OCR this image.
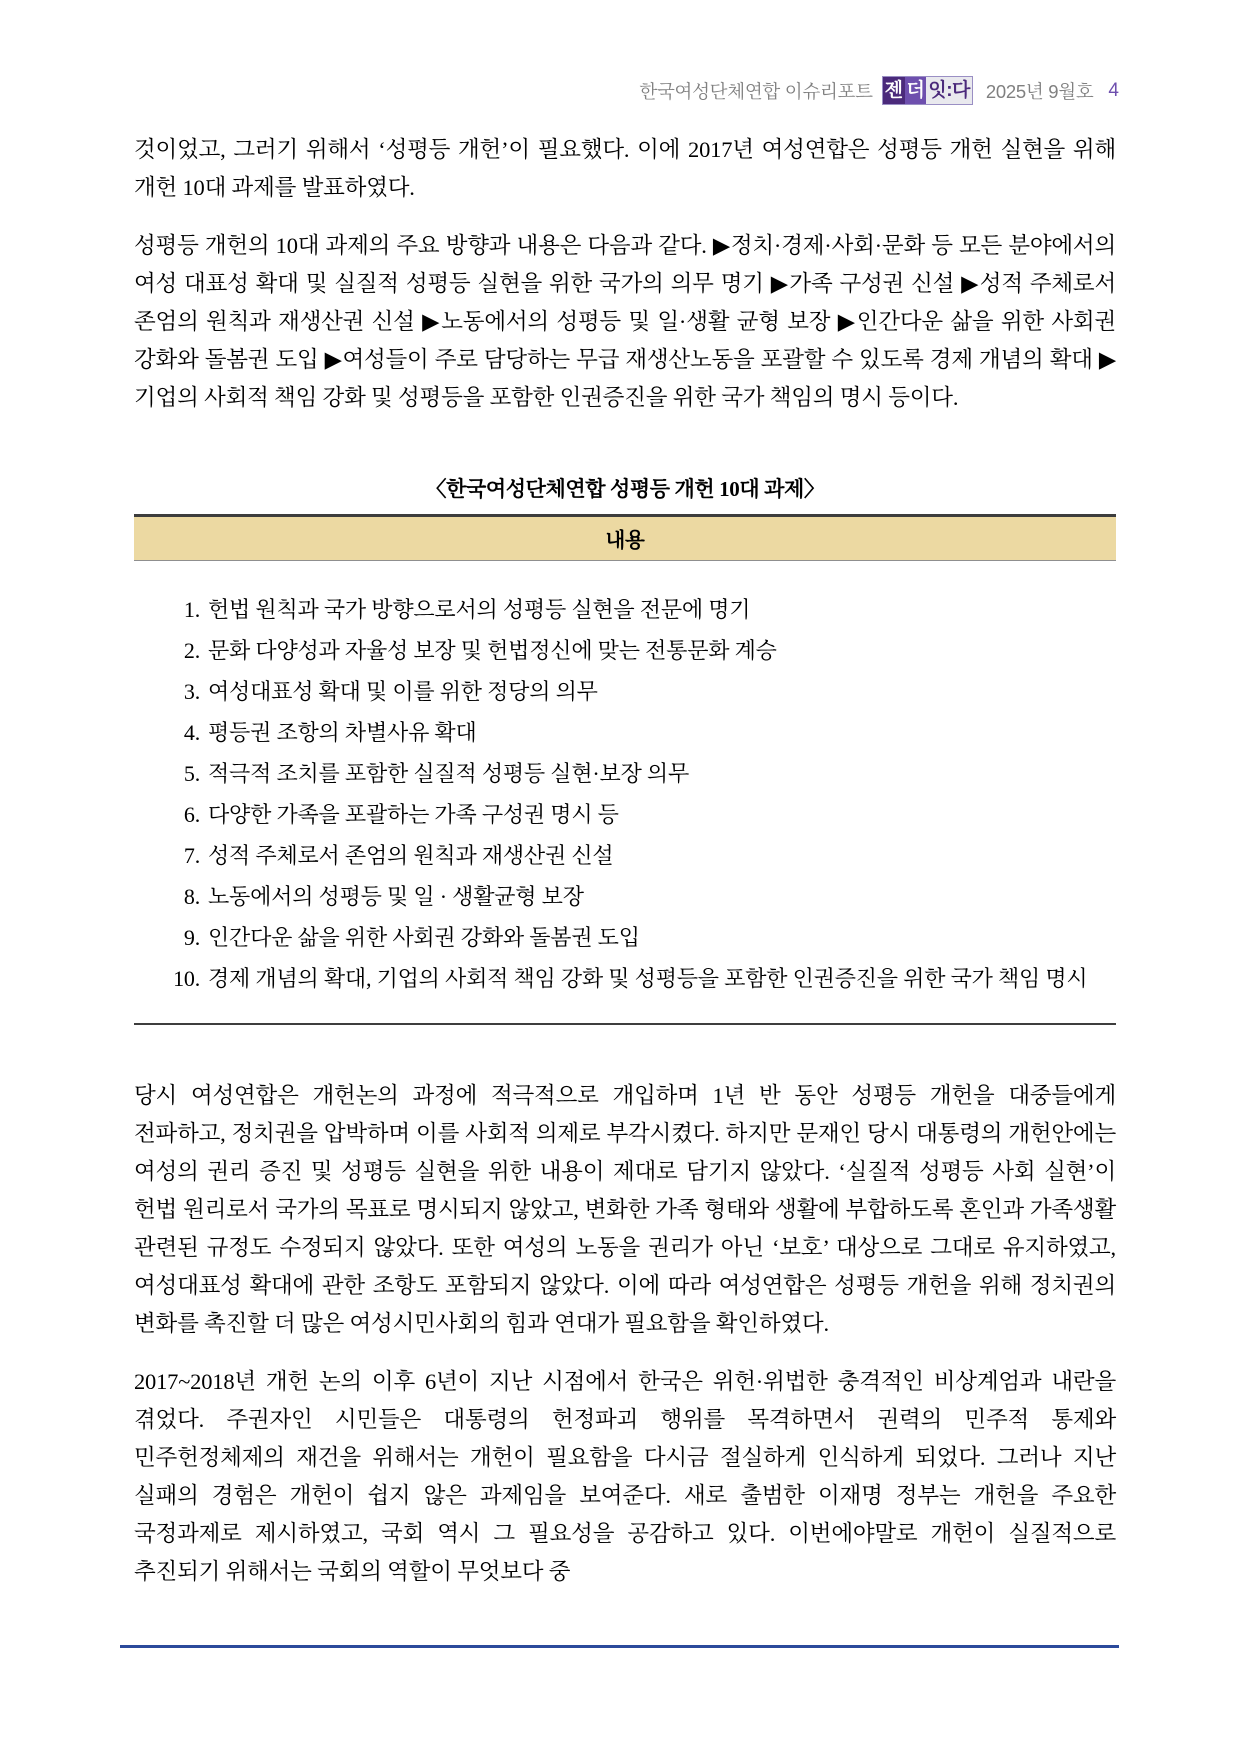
한국여성단체연합 이슈리포트 젠 더 잇:다 2025년 9월호 4

것이었고, 그러기 위해서 ‘성평등 개헌’이 필요했다. 이에 2017년 여성연합은 성평등 개헌 실현을 위해 개헌 10대 과제를 발표하였다.

성평등 개헌의 10대 과제의 주요 방향과 내용은 다음과 같다. ▶정치·경제·사회·문화 등 모든 분야에서의 여성 대표성 확대 및 실질적 성평등 실현을 위한 국가의 의무 명기 ▶가족 구성권 신설 ▶성적 주체로서 존엄의 원칙과 재생산권 신설 ▶노동에서의 성평등 및 일·생활 균형 보장 ▶인간다운 삶을 위한 사회권 강화와 돌봄권 도입 ▶여성들이 주로 담당하는 무급 재생산노동을 포괄할 수 있도록 경제 개념의 확대 ▶기업의 사회적 책임 강화 및 성평등을 포함한 인권증진을 위한 국가 책임의 명시 등이다.

〈한국여성단체연합 성평등 개헌 10대 과제〉
내용
헌법 원칙과 국가 방향으로서의 성평등 실현을 전문에 명기
문화 다양성과 자율성 보장 및 헌법정신에 맞는 전통문화 계승
여성대표성 확대 및 이를 위한 정당의 의무
평등권 조항의 차별사유 확대
적극적 조치를 포함한 실질적 성평등 실현·보장 의무
다양한 가족을 포괄하는 가족 구성권 명시 등
성적 주체로서 존엄의 원칙과 재생산권 신설
노동에서의 성평등 및 일 · 생활균형 보장
인간다운 삶을 위한 사회권 강화와 돌봄권 도입
경제 개념의 확대, 기업의 사회적 책임 강화 및 성평등을 포함한 인권증진을 위한 국가 책임 명시

당시 여성연합은 개헌논의 과정에 적극적으로 개입하며 1년 반 동안 성평등 개헌을 대중들에게 전파하고, 정치권을 압박하며 이를 사회적 의제로 부각시켰다. 하지만 문재인 당시 대통령의 개헌안에는 여성의 권리 증진 및 성평등 실현을 위한 내용이 제대로 담기지 않았다. ‘실질적 성평등 사회 실현’이 헌법 원리로서 국가의 목표로 명시되지 않았고, 변화한 가족 형태와 생활에 부합하도록 혼인과 가족생활 관련된 규정도 수정되지 않았다. 또한 여성의 노동을 권리가 아닌 ‘보호’ 대상으로 그대로 유지하였고, 여성대표성 확대에 관한 조항도 포함되지 않았다. 이에 따라 여성연합은 성평등 개헌을 위해 정치권의 변화를 촉진할 더 많은 여성시민사회의 힘과 연대가 필요함을 확인하였다.

2017~2018년 개헌 논의 이후 6년이 지난 시점에서 한국은 위헌·위법한 충격적인 비상계엄과 내란을 겪었다. 주권자인 시민들은 대통령의 헌정파괴 행위를 목격하면서 권력의 민주적 통제와 민주헌정체제의 재건을 위해서는 개헌이 필요함을 다시금 절실하게 인식하게 되었다. 그러나 지난 실패의 경험은 개헌이 쉽지 않은 과제임을 보여준다. 새로 출범한 이재명 정부는 개헌을 주요한 국정과제로 제시하였고, 국회 역시 그 필요성을 공감하고 있다. 이번에야말로 개헌이 실질적으로 추진되기 위해서는 국회의 역할이 무엇보다 중
